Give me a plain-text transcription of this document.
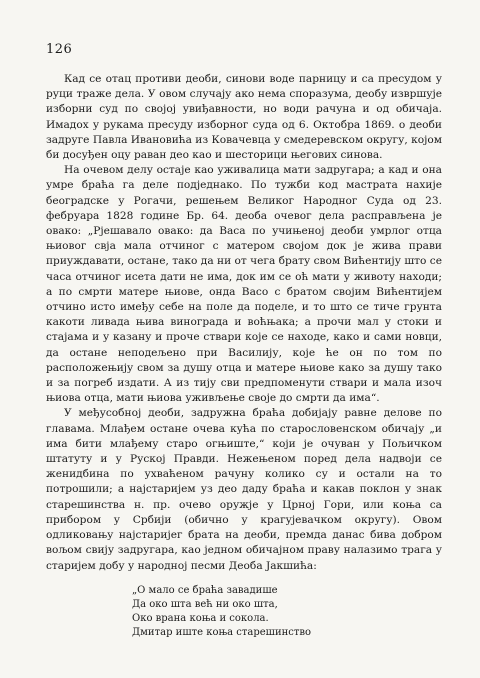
126

Кад се отац противи деоби, синови воде парницу и са пресудом у руци траже дела. У овом случају ако нема споразума, деобу извршује изборни суд по својој увиђавности, но води рачуна и од обичаја. Имадох у рукама пресуду изборног суда од 6. Октобра 1869. о деоби задруге Павла Ивановића из Ковачевца у смедеревском округу, којом би досуђен оцу раван део као и шесторици његових синова.

На очевом делу остаје као уживалица мати задругара; а кад и она умре браћа га деле подједнако. По тужби код мастрата нахије београдске у Рогачи, решењем Великог Народног Суда од 23. фебруара 1828 године Бр. 64. деоба очевог дела расправљена је овако: „Рјешавало овако: да Васа по учињеној деоби умрлог отца њиовог свја мала отчиног с матером својом док је жива прави приуждавати, остане, тако да ни от чега брату свом Вићентију што се часа отчиног исета дати не има, док им се оћ мати у животу находи; а по смрти матере њиове, онда Васо с братом својим Вићентијем отчино исто имеђу себе на поле да поделе, и то што се тиче грунта какоти ливада њива винограда и воћњака; а прочи мал у стоки и стајама и у казану и проче ствари које се находе, како и сами новци, да остане неподељено при Василију, које ће он по том по расположењију свом за душу отца и матере њиове како за душу тако и за погреб издати. А из тију сви предпоменути ствари и мала изоч њиова отца, мати њиова уживљење своје до смрти да има“.

У међусобној деоби, задружна браћа добијају равне делове по главама. Млађем остане очева кућа по старословенском обичају „и има бити млађему старо огњиште,“ који је очуван у Пољичком штатуту и у Руској Правди. Нежењеном поред дела надвоји се женидбина по ухваћеном рачуну колико су и остали на то потрошили; а најстаријем уз део даду браћа и какав поклон у знак старешинства н. пр. очево оружје у Црној Гори, или коња са прибором у Србији (обично у крагујевачком округу). Овом одликовању најстаријег брата на деоби, премда данас бива добром вољом свију задругара, као једном обичајном праву налазимо трага у старијем добу у народној песми Деоба Јакшића:

„О мало се браћа завадише
Да око шта већ ни око шта,
Око врана коња и сокола.
Дмитар иште коња старешинство
